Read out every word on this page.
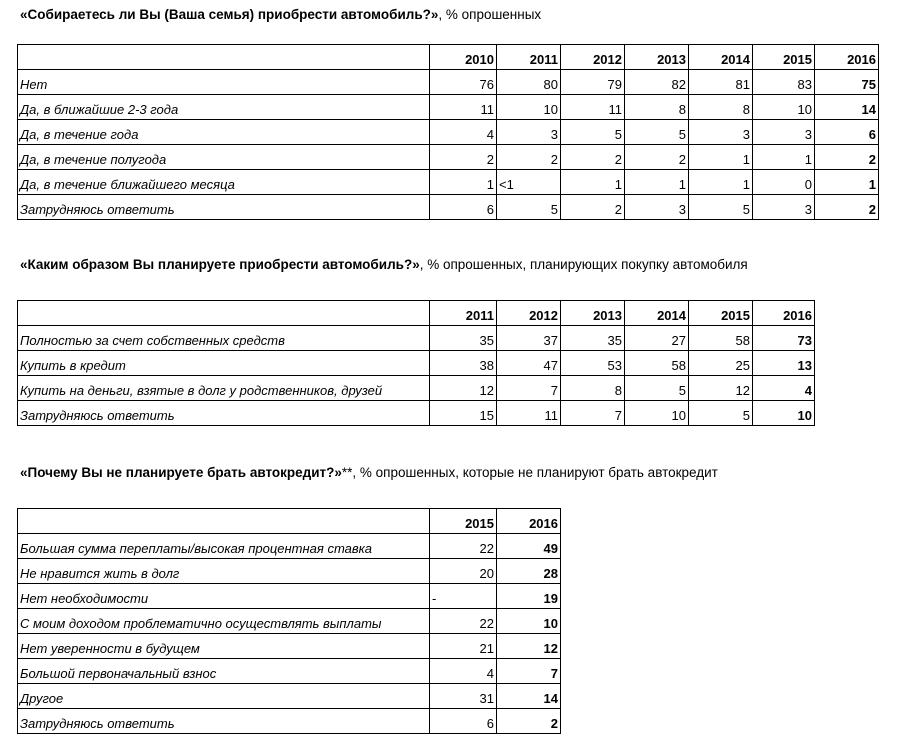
«Собираетесь ли Вы (Ваша семья) приобрести автомобиль?», % опрошенных
	2010	2011	2012	2013	2014	2015	2016
Нет	76	80	79	82	81	83	75
Да, в ближайшие 2-3 года	11	10	11	8	8	10	14
Да, в течение года	4	3	5	5	3	3	6
Да, в течение полугода	2	2	2	2	1	1	2
Да, в течение ближайшего месяца	1	<1	1	1	1	0	1
Затрудняюсь ответить	6	5	2	3	5	3	2
«Каким образом Вы планируете приобрести автомобиль?», % опрошенных, планирующих покупку автомобиля
	2011	2012	2013	2014	2015	2016
Полностью за счет собственных средств	35	37	35	27	58	73
Купить в кредит	38	47	53	58	25	13
Купить на деньги, взятые в долг у родственников, друзей	12	7	8	5	12	4
Затрудняюсь ответить	15	11	7	10	5	10
«Почему Вы не планируете брать автокредит?»**, % опрошенных, которые не планируют брать автокредит
	2015	2016
Большая сумма переплаты/высокая процентная ставка	22	49
Не нравится жить в долг	20	28
Нет необходимости	-	19
С моим доходом проблематично осуществлять выплаты	22	10
Нет уверенности в будущем	21	12
Большой первоначальный взнос	4	7
Другое	31	14
Затрудняюсь ответить	6	2
